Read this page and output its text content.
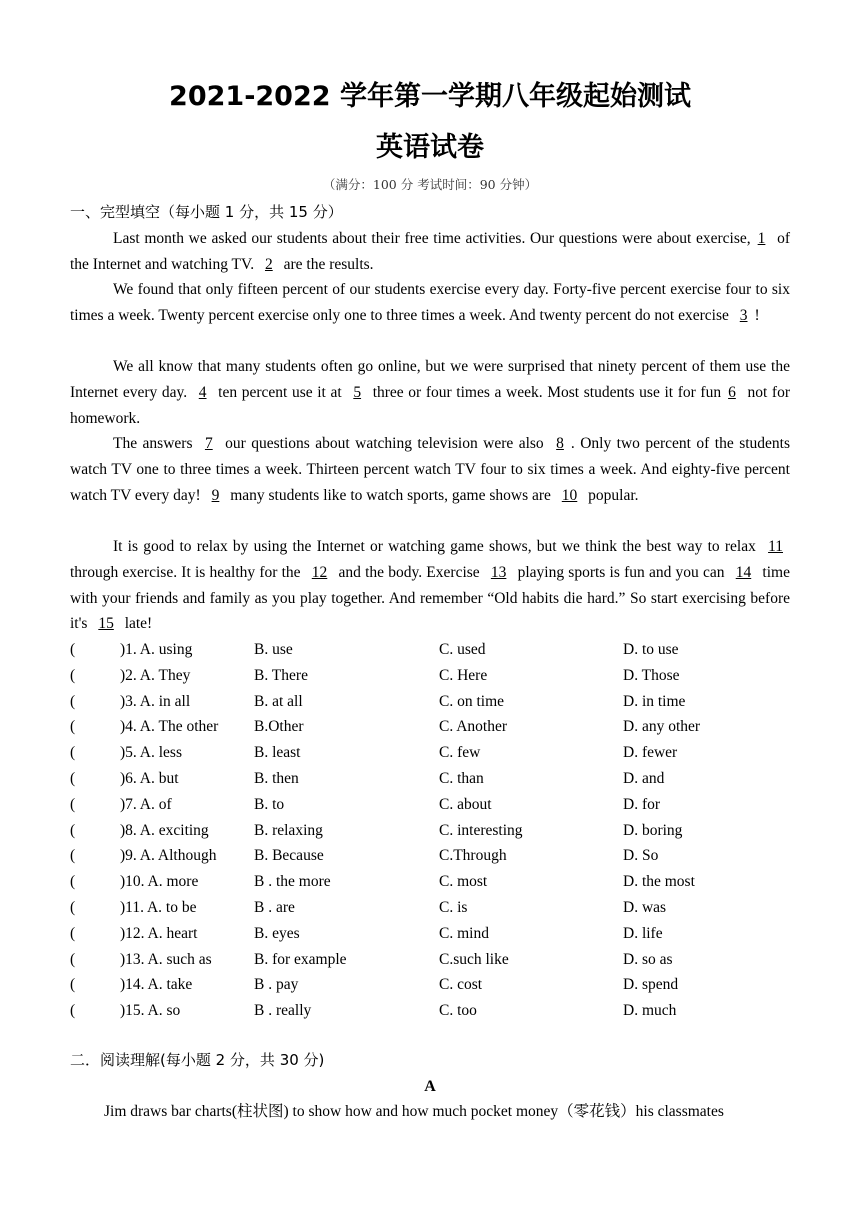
2021-2022 学年第一学期八年级起始测试
英语试卷
（满分：100 分 考试时间：90 分钟）
一、完型填空（每小题 1 分，共 15 分）

Last month we asked our students about their free time activities. Our questions were about exercise, 1 of the Internet and watching TV. 2 are the results.

We found that only fifteen percent of our students exercise every day. Forty-five percent exercise four to six times a week. Twenty percent exercise only one to three times a week. And twenty percent do not exercise 3 !

We all know that many students often go online, but we were surprised that ninety percent of them use the Internet every day. 4 ten percent use it at 5 three or four times a week. Most students use it for fun 6 not for homework.

The answers 7 our questions about watching television were also 8 . Only two percent of the students watch TV one to three times a week. Thirteen percent watch TV four to six times a week. And eighty-five percent watch TV every day! 9 many students like to watch sports, game shows are 10 popular.

It is good to relax by using the Internet or watching game shows, but we think the best way to relax 11 through exercise. It is healthy for the 12 and the body. Exercise 13 playing sports is fun and you can 14 time with your friends and family as you play together. And remember “Old habits die hard.” So start exercising before it's 15 late!

(	)1. A. using	B. use	C. used	D. to use
(	)2. A. They	B. There	C. Here	D. Those
(	)3. A. in all	B. at all	C. on time	D. in time
(	)4. A. The other B.Other	C. Another	D. any other
(	)5. A. less	B. least	C. few	D. fewer
(	)6. A. but	B. then	C. than	D. and
(	)7. A. of	B. to	C. about	D. for
(	)8. A. exciting	B. relaxing	C. interesting	D. boring
(	)9. A. Although B. Because	C.Through	D. So
(	)10. A. more	B . the more	C. most	D. the most
(	)11. A. to be	B . are	C. is	D. was
(	)12. A. heart	B. eyes	C. mind	D. life
(	)13. A. such as	B. for example	C.such like	D. so as
(	)14. A. take	B . pay	C. cost	D. spend
(	)15. A. so	B . really	C. too	D. much
二．阅读理解(每小题 2 分，共 30 分)
A
Jim draws bar charts(柱状图) to show how and how much pocket money（零花钱）his classmates
